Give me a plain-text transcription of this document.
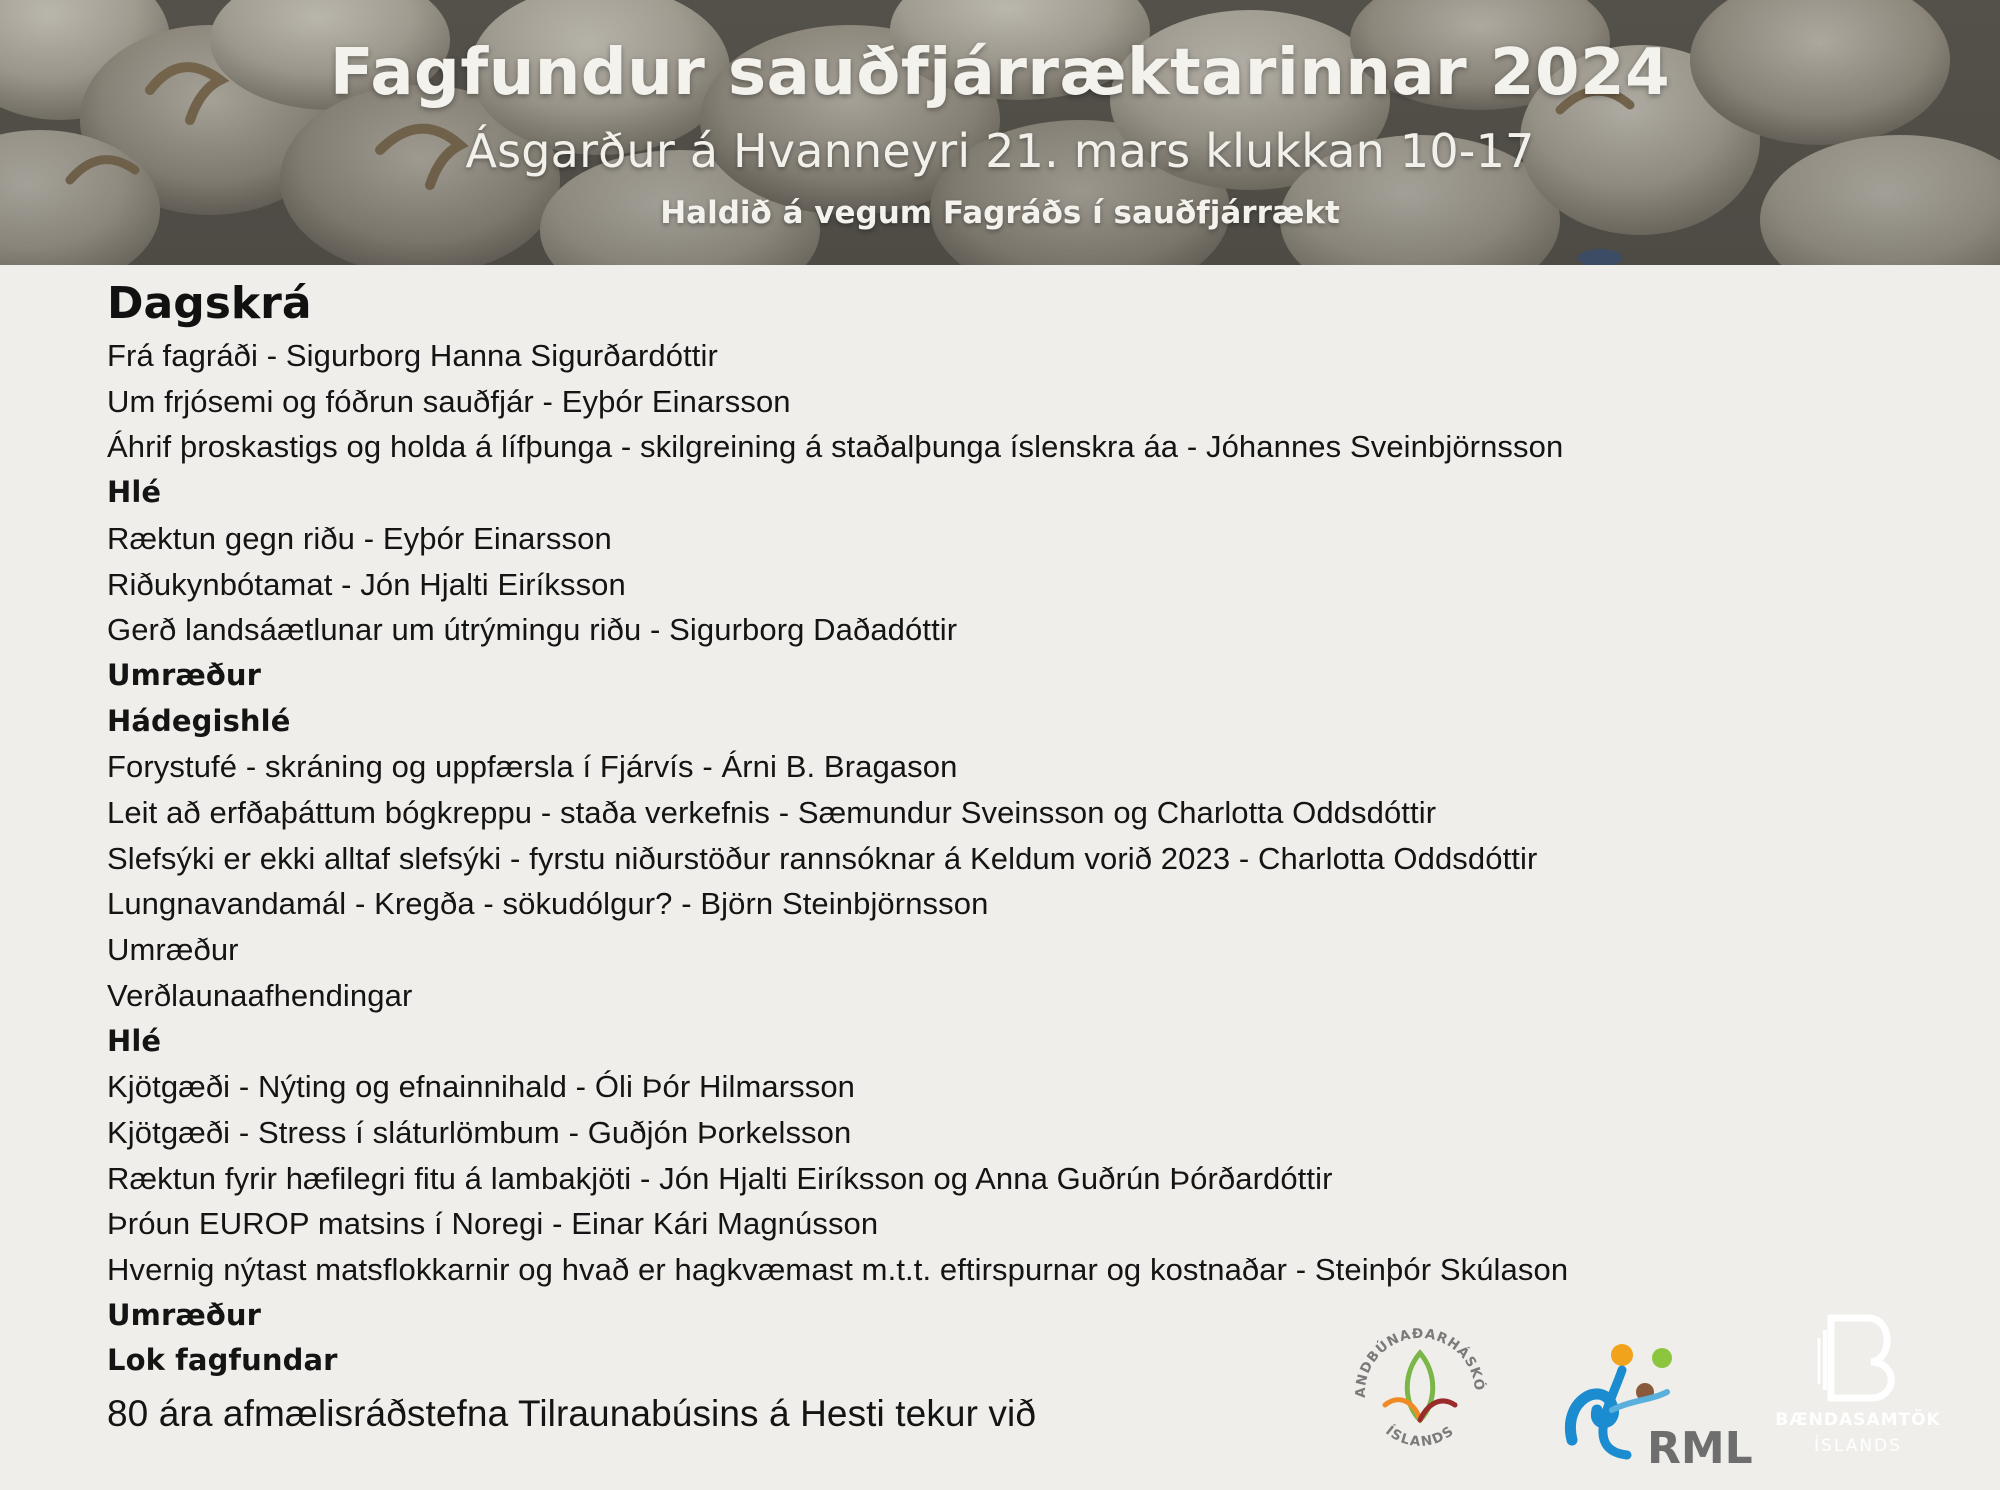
Fagfundur sauðfjárræktarinnar 2024
Ásgarður á Hvanneyri 21. mars klukkan 10-17
Haldið á vegum Fagráðs í sauðfjárrækt
Dagskrá
Frá fagráði - Sigurborg Hanna Sigurðardóttir
Um frjósemi og fóðrun sauðfjár - Eyþór Einarsson
Áhrif þroskastigs og holda á lífþunga - skilgreining á staðalþunga íslenskra áa - Jóhannes Sveinbjörnsson
Hlé
Ræktun gegn riðu - Eyþór Einarsson
Riðukynbótamat - Jón Hjalti Eiríksson
Gerð landsáætlunar um útrýmingu riðu - Sigurborg Daðadóttir
Umræður
Hádegishlé
Forystufé - skráning og uppfærsla í Fjárvís - Árni B. Bragason
Leit að erfðaþáttum bógkreppu - staða verkefnis - Sæmundur Sveinsson og Charlotta Oddsdóttir
Slefsýki er ekki alltaf slefsýki - fyrstu niðurstöður rannsóknar á Keldum vorið 2023 - Charlotta Oddsdóttir
Lungnavandamál - Kregða - sökudólgur? - Björn Steinbjörnsson
Umræður
Verðlaunaafhendingar
Hlé
Kjötgæði - Nýting og efnainnihald - Óli Þór Hilmarsson
Kjötgæði - Stress í sláturlömbum - Guðjón Þorkelsson
Ræktun fyrir hæfilegri fitu á lambakjöti - Jón Hjalti Eiríksson og Anna Guðrún Þórðardóttir
Þróun EUROP matsins í Noregi - Einar Kári Magnússon
Hvernig nýtast matsflokkarnir og hvað er hagkvæmast m.t.t. eftirspurnar og kostnaðar - Steinþór Skúlason
Umræður
Lok fagfundar
80 ára afmælisráðstefna Tilraunabúsins á Hesti tekur við
ANDBÚNAÐARHÁSKÓ
ÍSLANDS	RML
BÆNDASAMTÖK
ÍSLANDS
